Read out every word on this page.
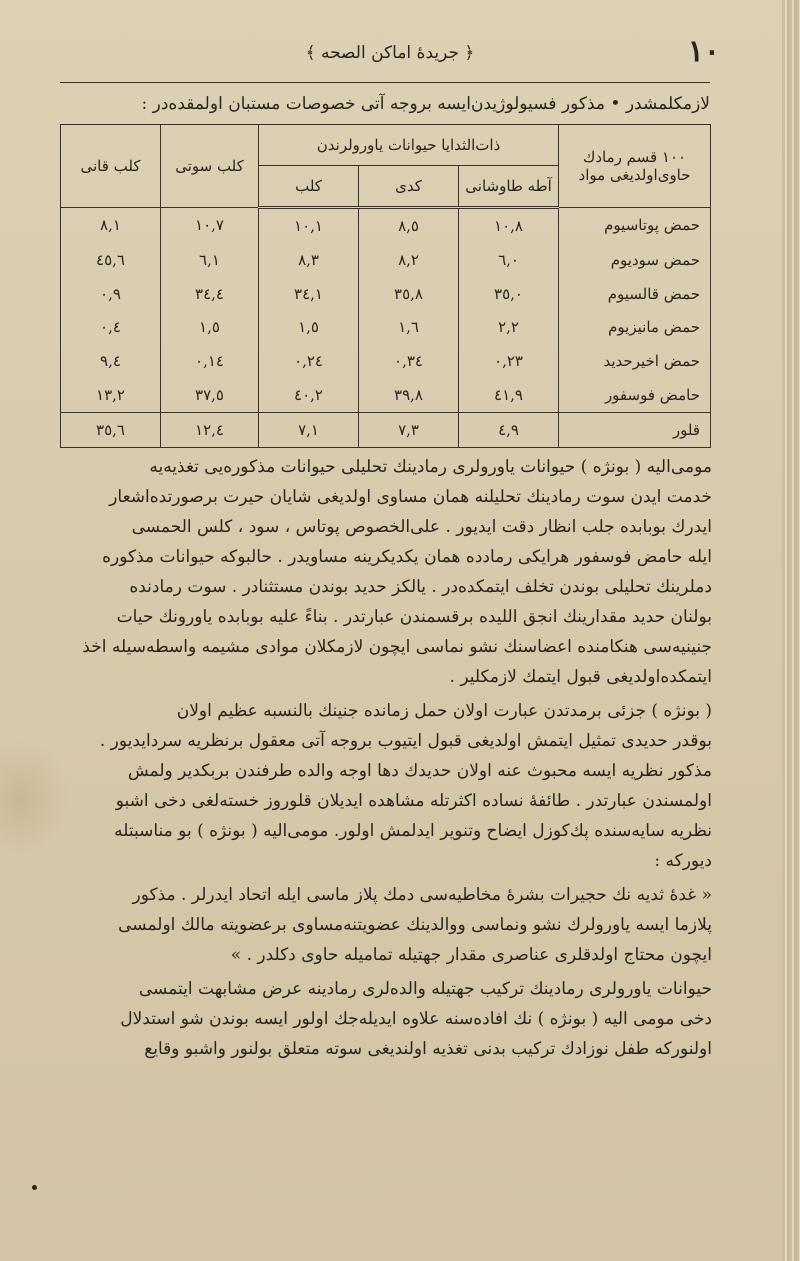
١٠
﴿ جريدهٔ اماكن الصحه ﴾
لازمكلمشدر • مذكور فسيولوژيدن‌ايسه بروجه آتی خصوصات مستبان اولمقده‌در :
١٠٠ قسم رمادك حاوی‌اولدیغی مواد	ذات‌الثدايا حيوانات ياورولرندن			كلب سوتی	كلب قانی
	آطه طاوشانی	كدی	كلب		
حمض پوتاسيوم	١٠,٨	٨,٥	١٠,١	١٠,٧	٨,١
حمض سوديوم	٦,٠	٨,٢	٨,٣	٦,١	٤٥,٦
حمض قالسيوم	٣٥,٠	٣٥,٨	٣٤,١	٣٤,٤	٠,٩
حمض مانيزيوم	٢,٢	١,٦	١,٥	١,٥	٠,٤
حمض اخيرحديد	٠,٢٣	٠,٣٤	٠,٢٤	٠,١٤	٩,٤
حامض فوسفور	٤١,٩	٣٩,٨	٤٠,٢	٣٧,٥	١٣,٢
قلور	٤,٩	٧,٣	٧,١	١٢,٤	٣٥,٦
مومی‌اليه ( بونژه ) حيوانات ياورولری رمادينك تحليلی حيوانات مذكوره‌يی تغذيه‌يه
خدمت ايدن سوت رمادينك تحليلنه همان مساوی اولديغی شايان حيرت برصورتده‌اشعار
ايدرك بوبابده جلب انظار دقت ايديور . علی‌الخصوص پوتاس ، سود ، كلس الحمسی
ايله حامض فوسفور هرايكی رمادده همان يكديكرينه مساويدر . حالبوكه حيوانات مذكوره
دملرينك تحليلی بوندن تخلف ايتمكده‌در . يالكز حديد بوندن مستثنادر . سوت رمادنده
بولنان حديد مقدارينك انجق اللیده برقسمندن عبارتدر . بناءً عليه بوبابده ياورونك حيات
جنينيه‌سی هنكامنده اعضاسنك نشو نماسی ايچون لازمكلان موادی مشيمه واسطه‌سيله اخذ
ايتمكده‌اولديغی قبول ايتمك لازمكلير .
( بونژه ) جزئی برمدتدن عبارت اولان حمل زمانده جنينك بالنسبه عظيم اولان
بوقدر حديدی تمثيل ايتمش اولديغی قبول ايتيوب بروجه آتی معقول برنظريه سردايديور .
مذكور نظريه ايسه محبوث عنه اولان حديدك دها اوجه والده طرفندن بربكدير ولمش
اولمسندن عبارتدر . طائفهٔ نساده اكثرتله مشاهده ايديلان قلوروز خسته‌لغی دخی اشبو
نظريه سايه‌سنده پك‌كوزل ايضاح وتنوير ايدلمش اولور. مومی‌اليه ( بونژه ) بو مناسبتله
ديوركه :
« غدهٔ ثديه نك حجيرات بشرهٔ مخاطيه‌سی دمك پلاز ماسی ايله اتحاد ايدرلر . مذكور
پلازما ايسه ياورولرك نشو ونماسی ووالدينك عضويتنه‌مساوی برعضويته مالك اولمسی
ايچون محتاج اولدقلری عناصری مقدار جهتيله تماميله حاوی دكلدر . »
حيوانات ياورولری رمادينك تركيب جهتيله والده‌لری رمادينه عرض مشابهت ايتمسی
دخی مومی اليه ( بونژه ) نك افاده‌سنه علاوه ايديله‌جك اولور ايسه بوندن شو استدلال
اولنوركه طفل نوزادك تركيب بدنی تغذيه اولنديغی سوته متعلق بولنور واشبو وقايع
